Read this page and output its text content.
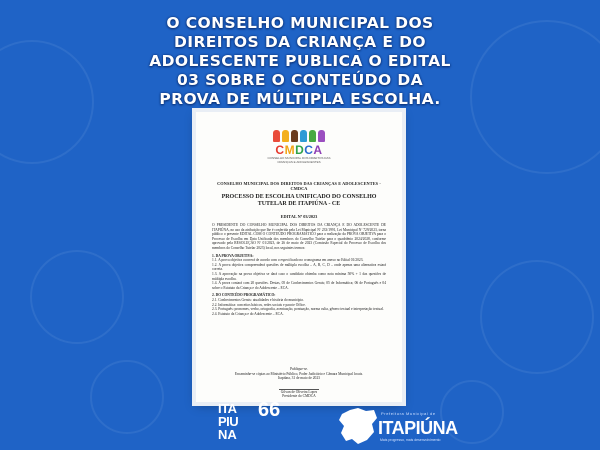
O CONSELHO MUNICIPAL DOS
DIREITOS DA CRIANÇA E DO
ADOLESCENTE PUBLICA O EDITAL
03 SOBRE O CONTEÚDO DA
PROVA DE MÚLTIPLA ESCOLHA.
CMDCA
CONSELHO MUNICIPAL DOS DIREITOS DAS CRIANÇAS E ADOLESCENTES
CONSELHO MUNICIPAL DOS DIREITOS DAS CRIANÇAS E ADOLESCENTES - CMDCA
PROCESSO DE ESCOLHA UNIFICADO DO CONSELHO TUTELAR DE ITAPIÚNA - CE
EDITAL Nº 03/2023

O PRESIDENTE DO CONSELHO MUNICIPAL DOS DIREITOS DA CRIANÇA E DO ADOLESCENTE DE ITAPIÚNA, no uso da atribuição que lhe é conferida pela Lei Municipal Nº 233/1991, Lei Municipal Nº 729/2023, torna público o presente EDITAL COM O CONTEÚDO PROGRAMÁTICO para a realização da PROVA OBJETIVA para o Processo de Escolha em Data Unificada dos membros do Conselho Tutelar para o quadriênio 2024/2028, conforme aprovado pela RESOLUÇÃO Nº 01/2023, de 26 de maio de 2023 (Comissão Especial do Processo de Escolha dos membros do Conselho Tutelar 2023) local, nos seguintes termos:

1. DA PROVA OBJETIVA:

1.1. A prova objetiva ocorrerá de acordo com o especificado no cronograma em anexo no Edital 01/2023.

1.2. A prova objetiva compreenderá questões de múltipla escolha – A, B, C, D – onde apenas uma alternativa estará correta.

1.3. A aprovação na prova objetiva se dará caso o candidato obtenha como nota mínima 50% + 1 das questões de múltipla escolha.

1.4. A prova contará com 20 questões. Destas, 05 de Conhecimentos Gerais; 05 de Informática; 06 de Português e 04 sobre o Estatuto da Criança e do Adolescente – ECA.

2. DO CONTEÚDO PROGRAMÁTICO:

2.1. Conhecimentos Gerais: atualidades e história do município.

2.2. Informática: conceitos básicos, redes sociais e pacote Office.

2.3. Português: pronomes, verbo, ortografia, acentuação, pontuação, norma culta, gênero textual e interpretação textual.

2.4. Estatuto da Criança e do Adolescente – ECA.

Publique-se.
Encaminhe-se cópias ao Ministério Público, Poder Judiciário e Câmara Municipal locais.
Itapiúna, 31 de maio de 2023
Gilvan de Oliveira Lopes
Presidente do CMDCA
ITA
PIU
NA
66	Prefeitura Municipal de
ITAPIÚNA
Mais progresso, mais desenvolvimento
